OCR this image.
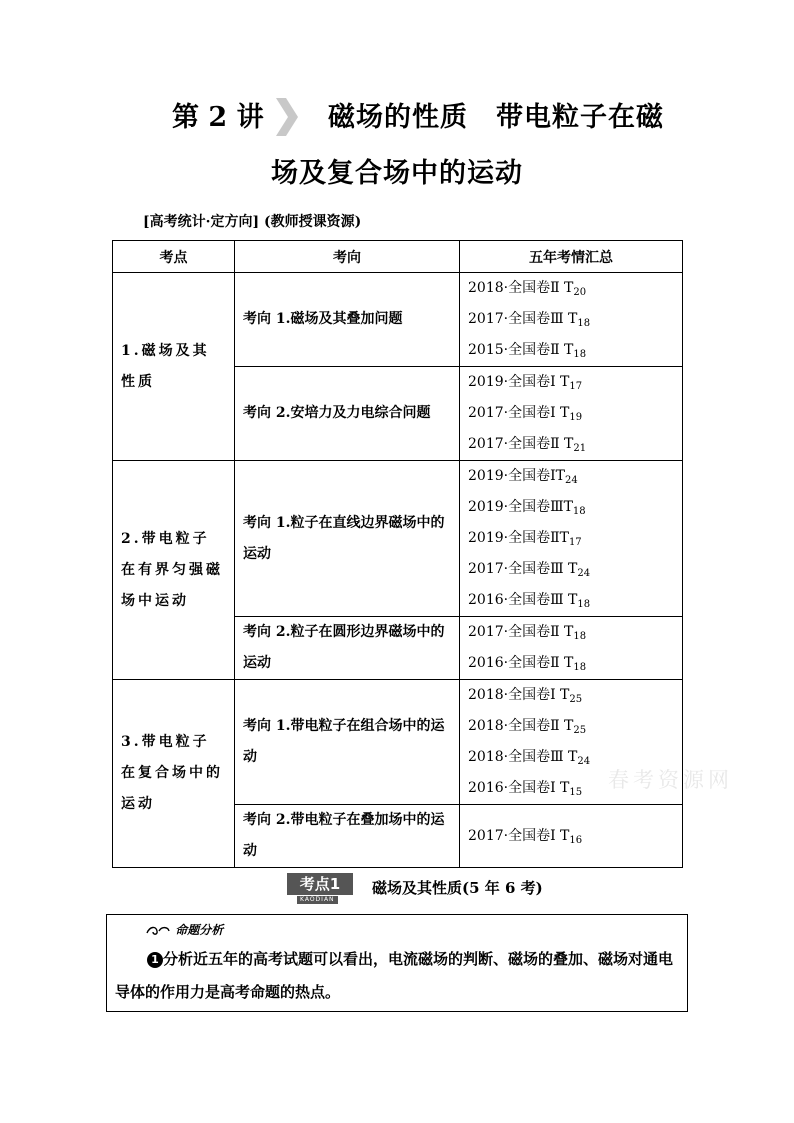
第 2 讲 磁场的性质　带电粒子在磁
场及复合场中的运动
[高考统计·定方向] (教师授课资源)
考点	考向	五年考情汇总
1.磁场及其性质	考向 1.磁场及其叠加问题	2018·全国卷Ⅱ $T_{20}$
2017·全国卷Ⅲ $T_{18}$
2015·全国卷Ⅱ $T_{18}$

	考向 2.安培力及力电综合问题	2019·全国卷Ⅰ $T_{17}$
2017·全国卷Ⅰ $T_{19}$
2017·全国卷Ⅱ $T_{21}$

2.带电粒子在有界匀强磁场中运动	考向 1.粒子在直线边界磁场中的运动	2019·全国卷$ⅠT_{24}$
2019·全国卷$ⅢT_{18}$
2019·全国卷$ⅡT_{17}$
2017·全国卷Ⅲ $T_{24}$
2016·全国卷Ⅲ $T_{18}$

	考向 2.粒子在圆形边界磁场中的运动	2017·全国卷Ⅱ $T_{18}$
2016·全国卷Ⅱ $T_{18}$

3.带电粒子在复合场中的运动	考向 1.带电粒子在组合场中的运动	2018·全国卷Ⅰ $T_{25}$
2018·全国卷Ⅱ $T_{25}$
2018·全国卷Ⅲ $T_{24}$
2016·全国卷Ⅰ $T_{15}$

	考向 2.带电粒子在叠加场中的运动	2017·全国卷Ⅰ $T_{16}$
春考资源网
考点1
KAODIAN
磁场及其性质(5 年 6 考)
命题分析
1 分析近五年的高考试题可以看出，电流磁场的判断、磁场的叠加、磁场对通电导体的作用力是高考命题的热点。
